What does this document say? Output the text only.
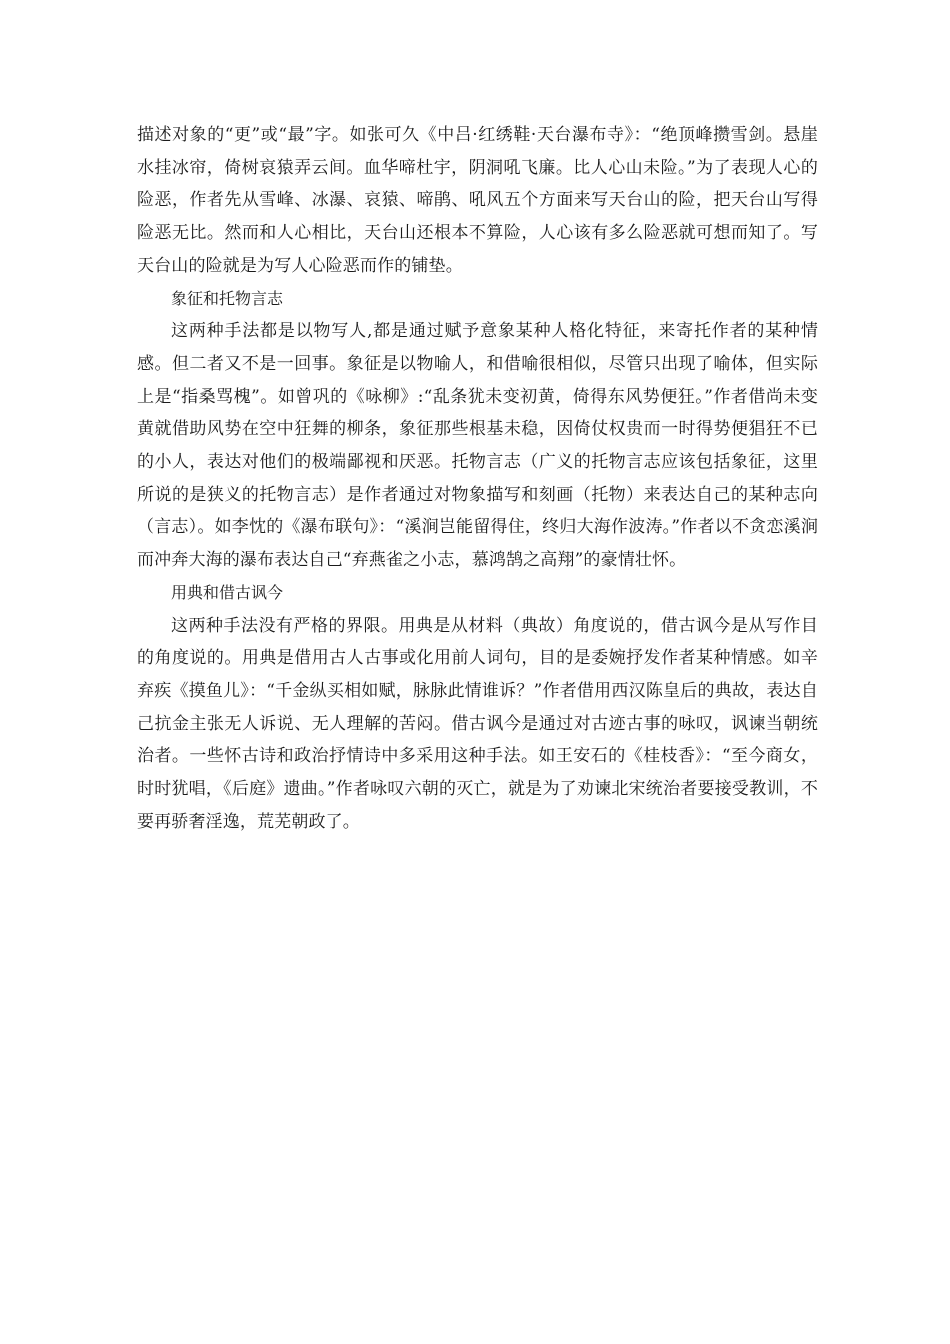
描述对象的“更”或“最”字。如张可久《中吕·红绣鞋·天台瀑布寺》：“绝顶峰攒雪剑。悬崖水挂冰帘，倚树哀猿弄云间。血华啼杜宇，阴洞吼飞廉。比人心山未险。”为了表现人心的险恶，作者先从雪峰、冰瀑、哀猿、啼鹃、吼风五个方面来写天台山的险，把天台山写得险恶无比。然而和人心相比，天台山还根本不算险，人心该有多么险恶就可想而知了。写天台山的险就是为写人心险恶而作的铺垫。

象征和托物言志

这两种手法都是以物写人,都是通过赋予意象某种人格化特征，来寄托作者的某种情感。但二者又不是一回事。象征是以物喻人，和借喻很相似，尽管只出现了喻体，但实际上是“指桑骂槐”。如曾巩的《咏柳》:“乱条犹未变初黄，倚得东风势便狂。”作者借尚未变黄就借助风势在空中狂舞的柳条，象征那些根基未稳，因倚仗权贵而一时得势便猖狂不已的小人，表达对他们的极端鄙视和厌恶。托物言志（广义的托物言志应该包括象征，这里所说的是狭义的托物言志）是作者通过对物象描写和刻画（托物）来表达自己的某种志向（言志）。如李忱的《瀑布联句》：“溪涧岂能留得住，终归大海作波涛。”作者以不贪恋溪涧而冲奔大海的瀑布表达自己“弃燕雀之小志，慕鸿鹄之高翔”的豪情壮怀。

用典和借古讽今

这两种手法没有严格的界限。用典是从材料（典故）角度说的，借古讽今是从写作目的角度说的。用典是借用古人古事或化用前人词句，目的是委婉抒发作者某种情感。如辛弃疾《摸鱼儿》：“千金纵买相如赋，脉脉此情谁诉？”作者借用西汉陈皇后的典故，表达自己抗金主张无人诉说、无人理解的苦闷。借古讽今是通过对古迹古事的咏叹，讽谏当朝统治者。一些怀古诗和政治抒情诗中多采用这种手法。如王安石的《桂枝香》：“至今商女，时时犹唱，《后庭》遗曲。”作者咏叹六朝的灭亡，就是为了劝谏北宋统治者要接受教训，不要再骄奢淫逸，荒芜朝政了。
